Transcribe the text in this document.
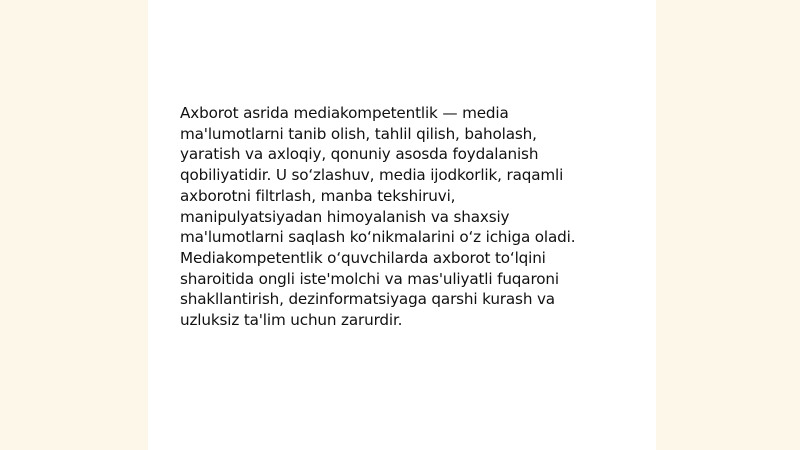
Axborot asrida mediakompetentlik — media
ma'lumotlarni tanib olish, tahlil qilish, baholash,
yaratish va axloqiy, qonuniy asosda foydalanish
qobiliyatidir. U so‘zlashuv, media ijodkorlik, raqamli
axborotni filtrlash, manba tekshiruvi,
manipulyatsiyadan himoyalanish va shaxsiy
ma'lumotlarni saqlash ko‘nikmalarini o‘z ichiga oladi.
Mediakompetentlik o‘quvchilarda axborot to‘lqini
sharoitida ongli iste'molchi va mas'uliyatli fuqaroni
shakllantirish, dezinformatsiyaga qarshi kurash va
uzluksiz ta'lim uchun zarurdir.
